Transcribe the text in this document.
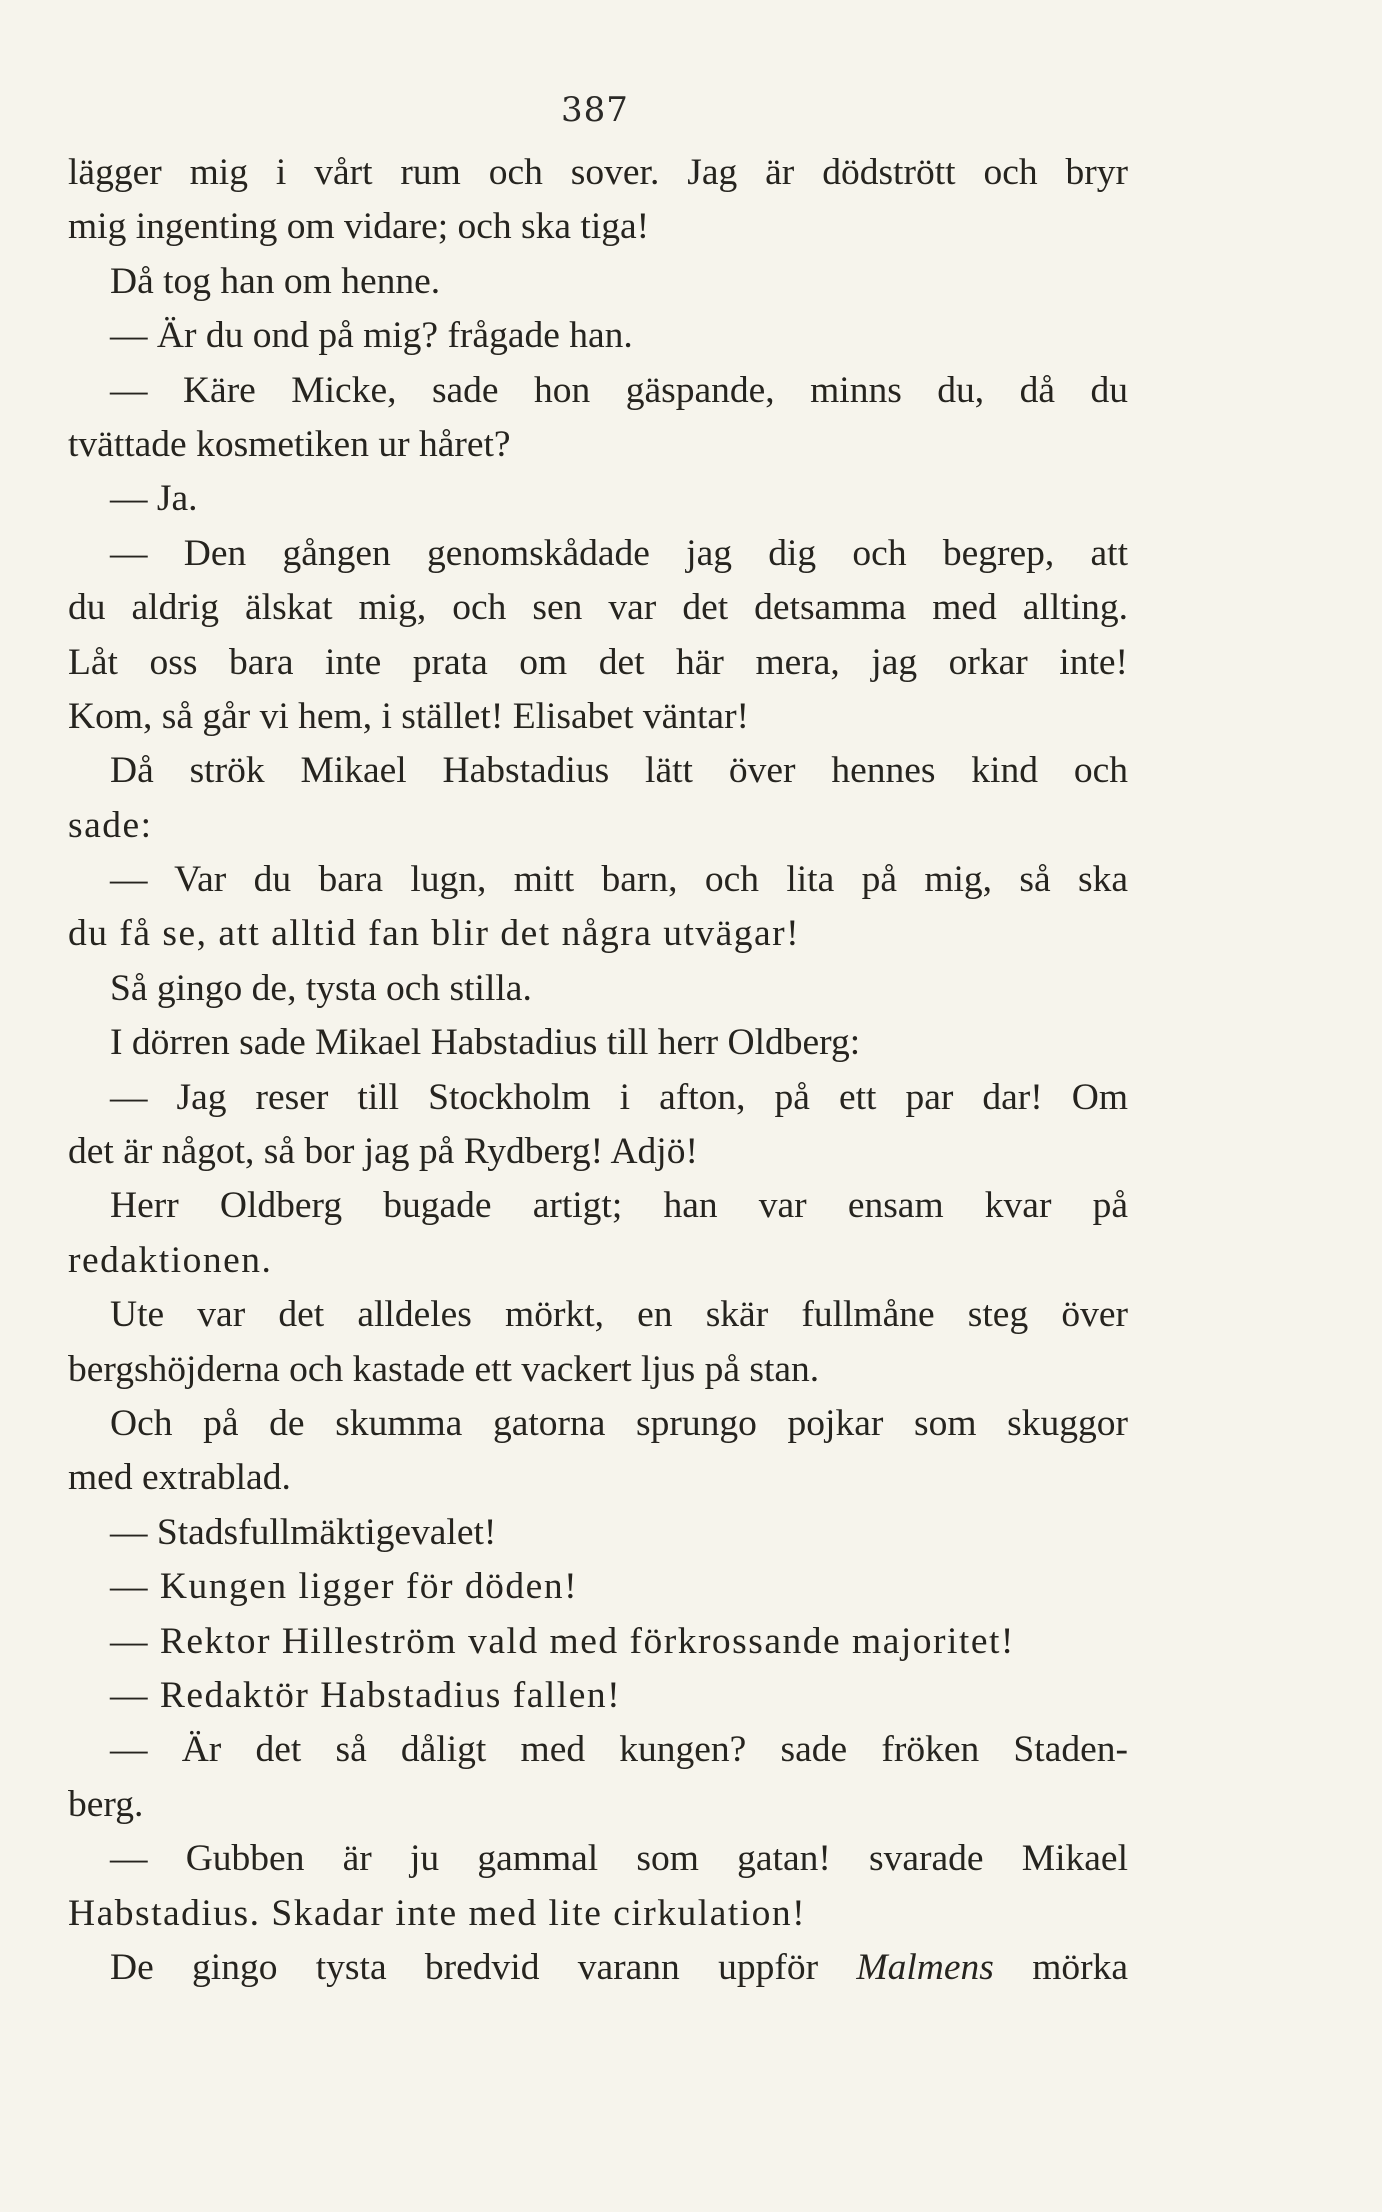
387
lägger mig i vårt rum och sover. Jag är dödstrött och bryr
mig ingenting om vidare; och ska tiga!
Då tog han om henne.
— Är du ond på mig? frågade han.
— Käre Micke, sade hon gäspande, minns du, då du
tvättade kosmetiken ur håret?
— Ja.
— Den gången genomskådade jag dig och begrep, att
du aldrig älskat mig, och sen var det detsamma med allting.
Låt oss bara inte prata om det här mera, jag orkar inte!
Kom, så går vi hem, i stället! Elisabet väntar!
Då strök Mikael Habstadius lätt över hennes kind och
sade:
— Var du bara lugn, mitt barn, och lita på mig, så ska
du få se, att alltid fan blir det några utvägar!
Så gingo de, tysta och stilla.
I dörren sade Mikael Habstadius till herr Oldberg:
— Jag reser till Stockholm i afton, på ett par dar! Om
det är något, så bor jag på Rydberg! Adjö!
Herr Oldberg bugade artigt; han var ensam kvar på
redaktionen.
Ute var det alldeles mörkt, en skär fullmåne steg över
bergshöjderna och kastade ett vackert ljus på stan.
Och på de skumma gatorna sprungo pojkar som skuggor
med extrablad.
— Stadsfullmäktigevalet!
— Kungen ligger för döden!
— Rektor Hilleström vald med förkrossande majoritet!
— Redaktör Habstadius fallen!
— Är det så dåligt med kungen? sade fröken Staden-
berg.
— Gubben är ju gammal som gatan! svarade Mikael
Habstadius. Skadar inte med lite cirkulation!
De gingo tysta bredvid varann uppför Malmens mörka
